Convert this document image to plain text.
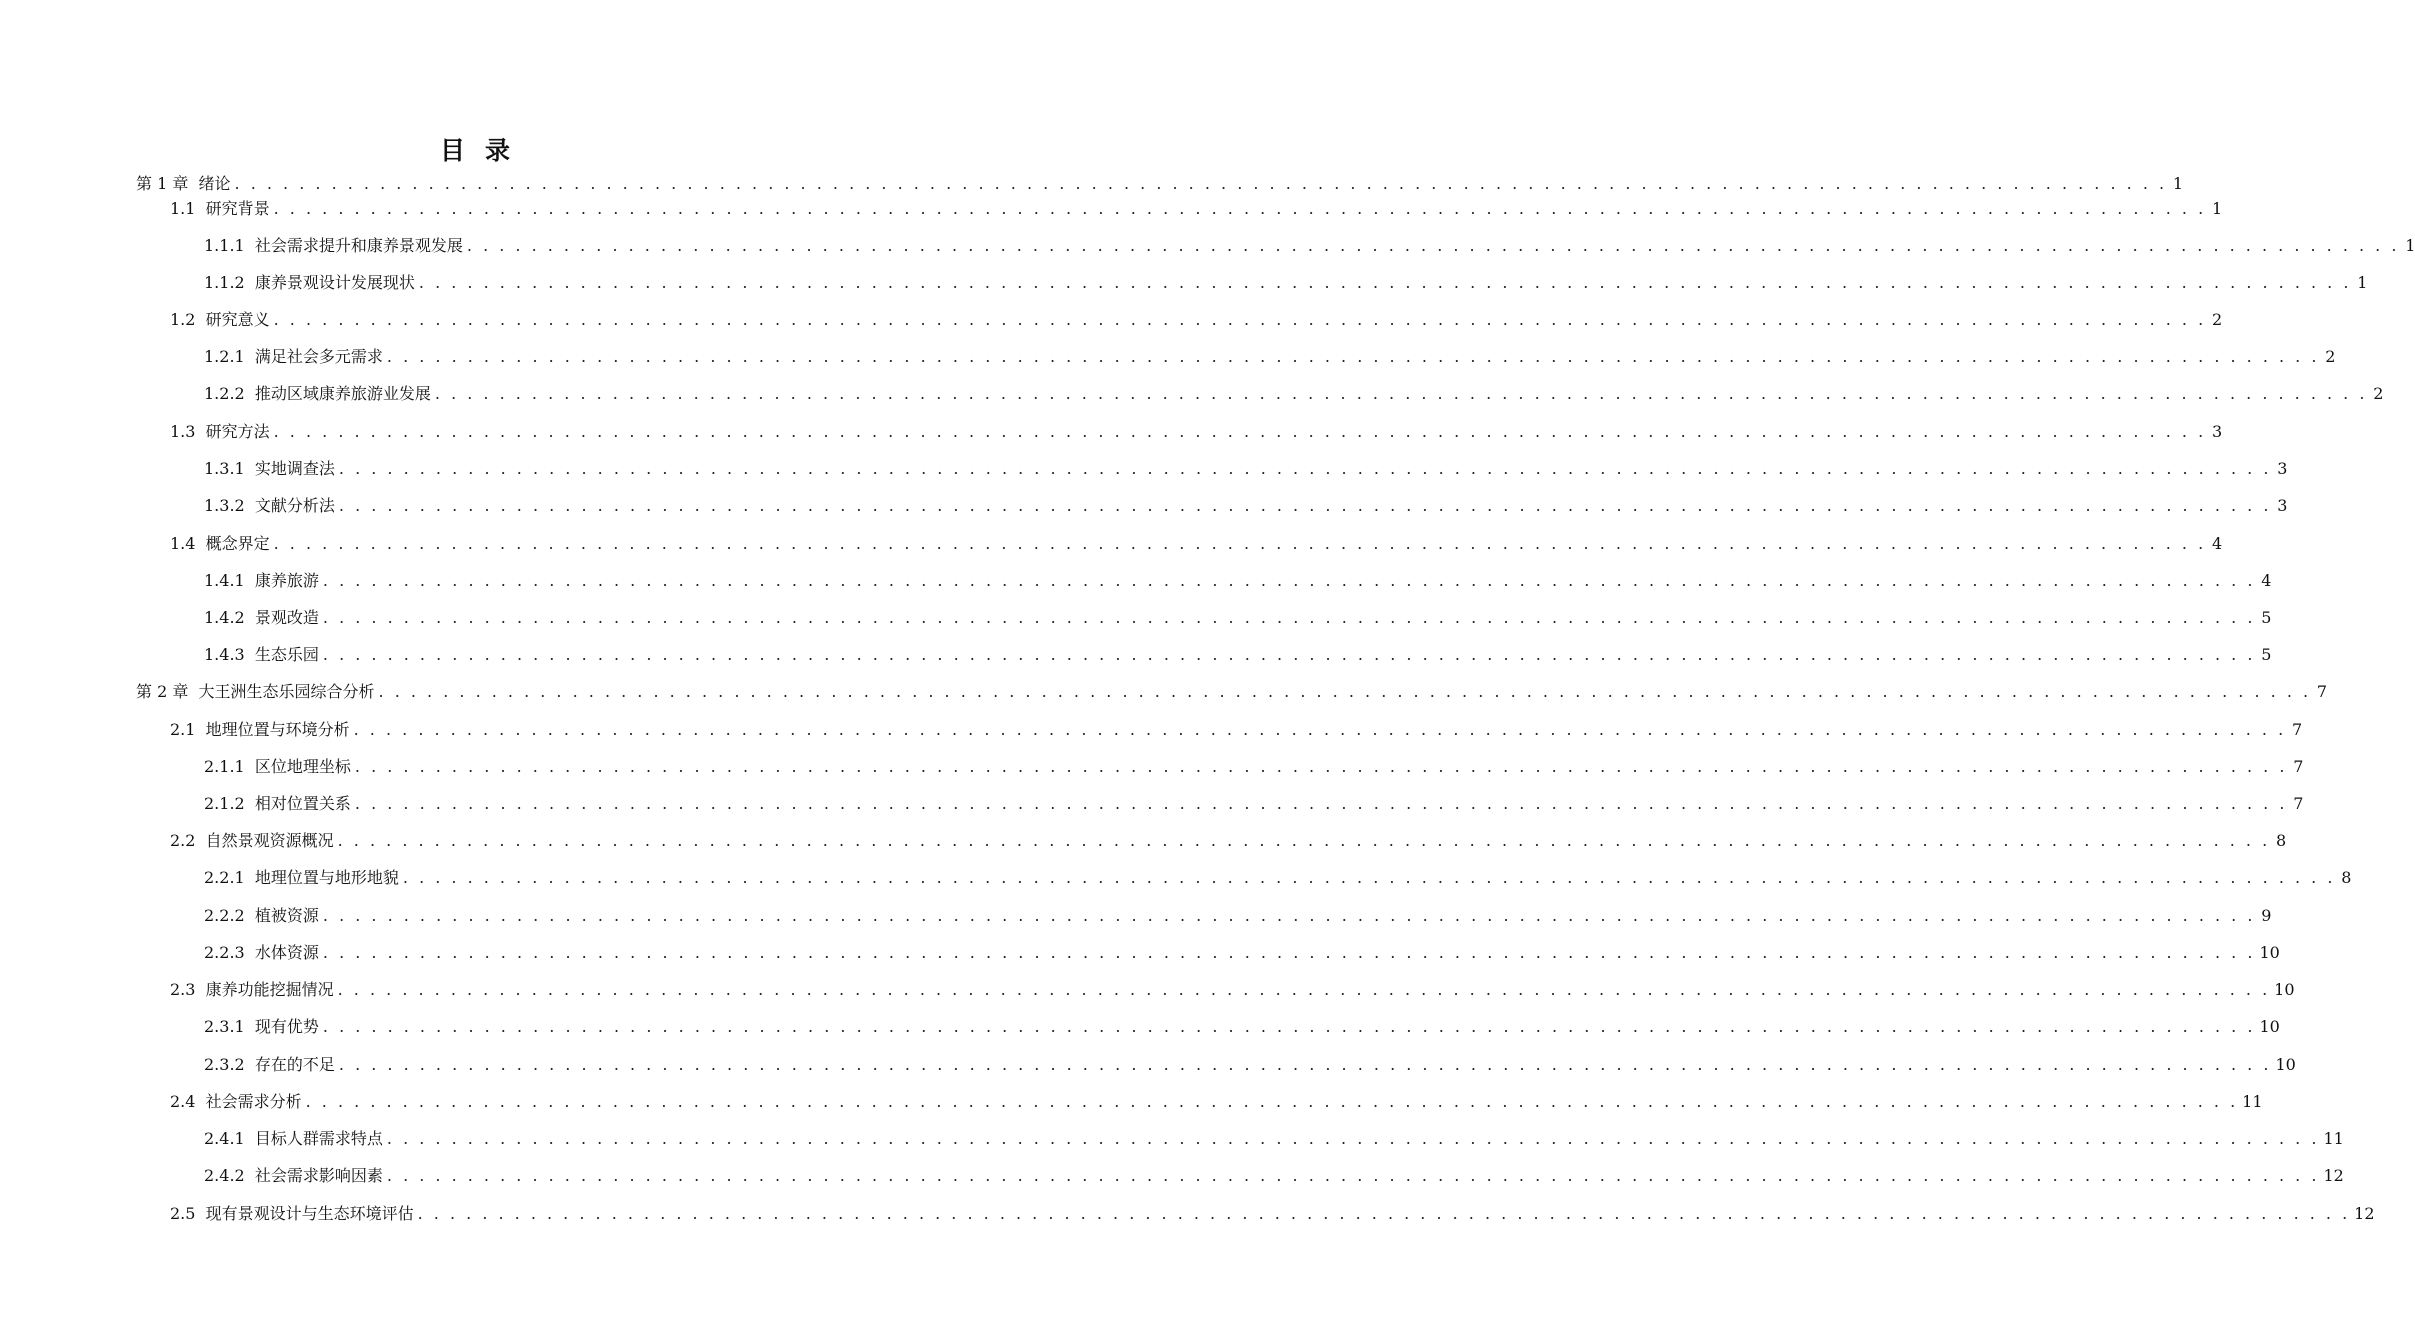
目录
第 1 章  绪论 . . . . . . . . . . . . . . . . . . . . . . . . . . . . . . . . . . . . . . . . . . . . . . . . . . . . . . . . . . . . . . . . . . . . . . . . . . . . . . . . . . . . . . . . . . . . . . . . . . . . . . . . . . . . . . . . . . . . . . . . 1
1.1  研究背景 . . . . . . . . . . . . . . . . . . . . . . . . . . . . . . . . . . . . . . . . . . . . . . . . . . . . . . . . . . . . . . . . . . . . . . . . . . . . . . . . . . . . . . . . . . . . . . . . . . . . . . . . . . . . . . . . . . . . . . . . 1
1.1.1  社会需求提升和康养景观发展 . . . . . . . . . . . . . . . . . . . . . . . . . . . . . . . . . . . . . . . . . . . . . . . . . . . . . . . . . . . . . . . . . . . . . . . . . . . . . . . . . . . . . . . . . . . . . . . . . . . . . . . . . . . . . . . . . . . . . . . . 1
1.1.2  康养景观设计发展现状 . . . . . . . . . . . . . . . . . . . . . . . . . . . . . . . . . . . . . . . . . . . . . . . . . . . . . . . . . . . . . . . . . . . . . . . . . . . . . . . . . . . . . . . . . . . . . . . . . . . . . . . . . . . . . . . . . . . . . . . . 1
1.2  研究意义 . . . . . . . . . . . . . . . . . . . . . . . . . . . . . . . . . . . . . . . . . . . . . . . . . . . . . . . . . . . . . . . . . . . . . . . . . . . . . . . . . . . . . . . . . . . . . . . . . . . . . . . . . . . . . . . . . . . . . . . . 2
1.2.1  满足社会多元需求 . . . . . . . . . . . . . . . . . . . . . . . . . . . . . . . . . . . . . . . . . . . . . . . . . . . . . . . . . . . . . . . . . . . . . . . . . . . . . . . . . . . . . . . . . . . . . . . . . . . . . . . . . . . . . . . . . . . . . . . . 2
1.2.2  推动区域康养旅游业发展 . . . . . . . . . . . . . . . . . . . . . . . . . . . . . . . . . . . . . . . . . . . . . . . . . . . . . . . . . . . . . . . . . . . . . . . . . . . . . . . . . . . . . . . . . . . . . . . . . . . . . . . . . . . . . . . . . . . . . . . . 2
1.3  研究方法 . . . . . . . . . . . . . . . . . . . . . . . . . . . . . . . . . . . . . . . . . . . . . . . . . . . . . . . . . . . . . . . . . . . . . . . . . . . . . . . . . . . . . . . . . . . . . . . . . . . . . . . . . . . . . . . . . . . . . . . . 3
1.3.1  实地调查法 . . . . . . . . . . . . . . . . . . . . . . . . . . . . . . . . . . . . . . . . . . . . . . . . . . . . . . . . . . . . . . . . . . . . . . . . . . . . . . . . . . . . . . . . . . . . . . . . . . . . . . . . . . . . . . . . . . . . . . . . 3
1.3.2  文献分析法 . . . . . . . . . . . . . . . . . . . . . . . . . . . . . . . . . . . . . . . . . . . . . . . . . . . . . . . . . . . . . . . . . . . . . . . . . . . . . . . . . . . . . . . . . . . . . . . . . . . . . . . . . . . . . . . . . . . . . . . . 3
1.4  概念界定 . . . . . . . . . . . . . . . . . . . . . . . . . . . . . . . . . . . . . . . . . . . . . . . . . . . . . . . . . . . . . . . . . . . . . . . . . . . . . . . . . . . . . . . . . . . . . . . . . . . . . . . . . . . . . . . . . . . . . . . . 4
1.4.1  康养旅游 . . . . . . . . . . . . . . . . . . . . . . . . . . . . . . . . . . . . . . . . . . . . . . . . . . . . . . . . . . . . . . . . . . . . . . . . . . . . . . . . . . . . . . . . . . . . . . . . . . . . . . . . . . . . . . . . . . . . . . . . 4
1.4.2  景观改造 . . . . . . . . . . . . . . . . . . . . . . . . . . . . . . . . . . . . . . . . . . . . . . . . . . . . . . . . . . . . . . . . . . . . . . . . . . . . . . . . . . . . . . . . . . . . . . . . . . . . . . . . . . . . . . . . . . . . . . . . 5
1.4.3  生态乐园 . . . . . . . . . . . . . . . . . . . . . . . . . . . . . . . . . . . . . . . . . . . . . . . . . . . . . . . . . . . . . . . . . . . . . . . . . . . . . . . . . . . . . . . . . . . . . . . . . . . . . . . . . . . . . . . . . . . . . . . . 5
第 2 章  大王洲生态乐园综合分析 . . . . . . . . . . . . . . . . . . . . . . . . . . . . . . . . . . . . . . . . . . . . . . . . . . . . . . . . . . . . . . . . . . . . . . . . . . . . . . . . . . . . . . . . . . . . . . . . . . . . . . . . . . . . . . . . . . . . . . . . 7
2.1  地理位置与环境分析 . . . . . . . . . . . . . . . . . . . . . . . . . . . . . . . . . . . . . . . . . . . . . . . . . . . . . . . . . . . . . . . . . . . . . . . . . . . . . . . . . . . . . . . . . . . . . . . . . . . . . . . . . . . . . . . . . . . . . . . . 7
2.1.1  区位地理坐标 . . . . . . . . . . . . . . . . . . . . . . . . . . . . . . . . . . . . . . . . . . . . . . . . . . . . . . . . . . . . . . . . . . . . . . . . . . . . . . . . . . . . . . . . . . . . . . . . . . . . . . . . . . . . . . . . . . . . . . . . 7
2.1.2  相对位置关系 . . . . . . . . . . . . . . . . . . . . . . . . . . . . . . . . . . . . . . . . . . . . . . . . . . . . . . . . . . . . . . . . . . . . . . . . . . . . . . . . . . . . . . . . . . . . . . . . . . . . . . . . . . . . . . . . . . . . . . . . 7
2.2  自然景观资源概况 . . . . . . . . . . . . . . . . . . . . . . . . . . . . . . . . . . . . . . . . . . . . . . . . . . . . . . . . . . . . . . . . . . . . . . . . . . . . . . . . . . . . . . . . . . . . . . . . . . . . . . . . . . . . . . . . . . . . . . . . 8
2.2.1  地理位置与地形地貌 . . . . . . . . . . . . . . . . . . . . . . . . . . . . . . . . . . . . . . . . . . . . . . . . . . . . . . . . . . . . . . . . . . . . . . . . . . . . . . . . . . . . . . . . . . . . . . . . . . . . . . . . . . . . . . . . . . . . . . . . 8
2.2.2  植被资源 . . . . . . . . . . . . . . . . . . . . . . . . . . . . . . . . . . . . . . . . . . . . . . . . . . . . . . . . . . . . . . . . . . . . . . . . . . . . . . . . . . . . . . . . . . . . . . . . . . . . . . . . . . . . . . . . . . . . . . . . 9
2.2.3  水体资源 . . . . . . . . . . . . . . . . . . . . . . . . . . . . . . . . . . . . . . . . . . . . . . . . . . . . . . . . . . . . . . . . . . . . . . . . . . . . . . . . . . . . . . . . . . . . . . . . . . . . . . . . . . . . . . . . . . . . . . . . 10
2.3  康养功能挖掘情况 . . . . . . . . . . . . . . . . . . . . . . . . . . . . . . . . . . . . . . . . . . . . . . . . . . . . . . . . . . . . . . . . . . . . . . . . . . . . . . . . . . . . . . . . . . . . . . . . . . . . . . . . . . . . . . . . . . . . . . . . 10
2.3.1  现有优势 . . . . . . . . . . . . . . . . . . . . . . . . . . . . . . . . . . . . . . . . . . . . . . . . . . . . . . . . . . . . . . . . . . . . . . . . . . . . . . . . . . . . . . . . . . . . . . . . . . . . . . . . . . . . . . . . . . . . . . . . 10
2.3.2  存在的不足 . . . . . . . . . . . . . . . . . . . . . . . . . . . . . . . . . . . . . . . . . . . . . . . . . . . . . . . . . . . . . . . . . . . . . . . . . . . . . . . . . . . . . . . . . . . . . . . . . . . . . . . . . . . . . . . . . . . . . . . . 10
2.4  社会需求分析 . . . . . . . . . . . . . . . . . . . . . . . . . . . . . . . . . . . . . . . . . . . . . . . . . . . . . . . . . . . . . . . . . . . . . . . . . . . . . . . . . . . . . . . . . . . . . . . . . . . . . . . . . . . . . . . . . . . . . . . . 11
2.4.1  目标人群需求特点 . . . . . . . . . . . . . . . . . . . . . . . . . . . . . . . . . . . . . . . . . . . . . . . . . . . . . . . . . . . . . . . . . . . . . . . . . . . . . . . . . . . . . . . . . . . . . . . . . . . . . . . . . . . . . . . . . . . . . . . . 11
2.4.2  社会需求影响因素 . . . . . . . . . . . . . . . . . . . . . . . . . . . . . . . . . . . . . . . . . . . . . . . . . . . . . . . . . . . . . . . . . . . . . . . . . . . . . . . . . . . . . . . . . . . . . . . . . . . . . . . . . . . . . . . . . . . . . . . . 12
2.5  现有景观设计与生态环境评估 . . . . . . . . . . . . . . . . . . . . . . . . . . . . . . . . . . . . . . . . . . . . . . . . . . . . . . . . . . . . . . . . . . . . . . . . . . . . . . . . . . . . . . . . . . . . . . . . . . . . . . . . . . . . . . . . . . . . . . . . 12
